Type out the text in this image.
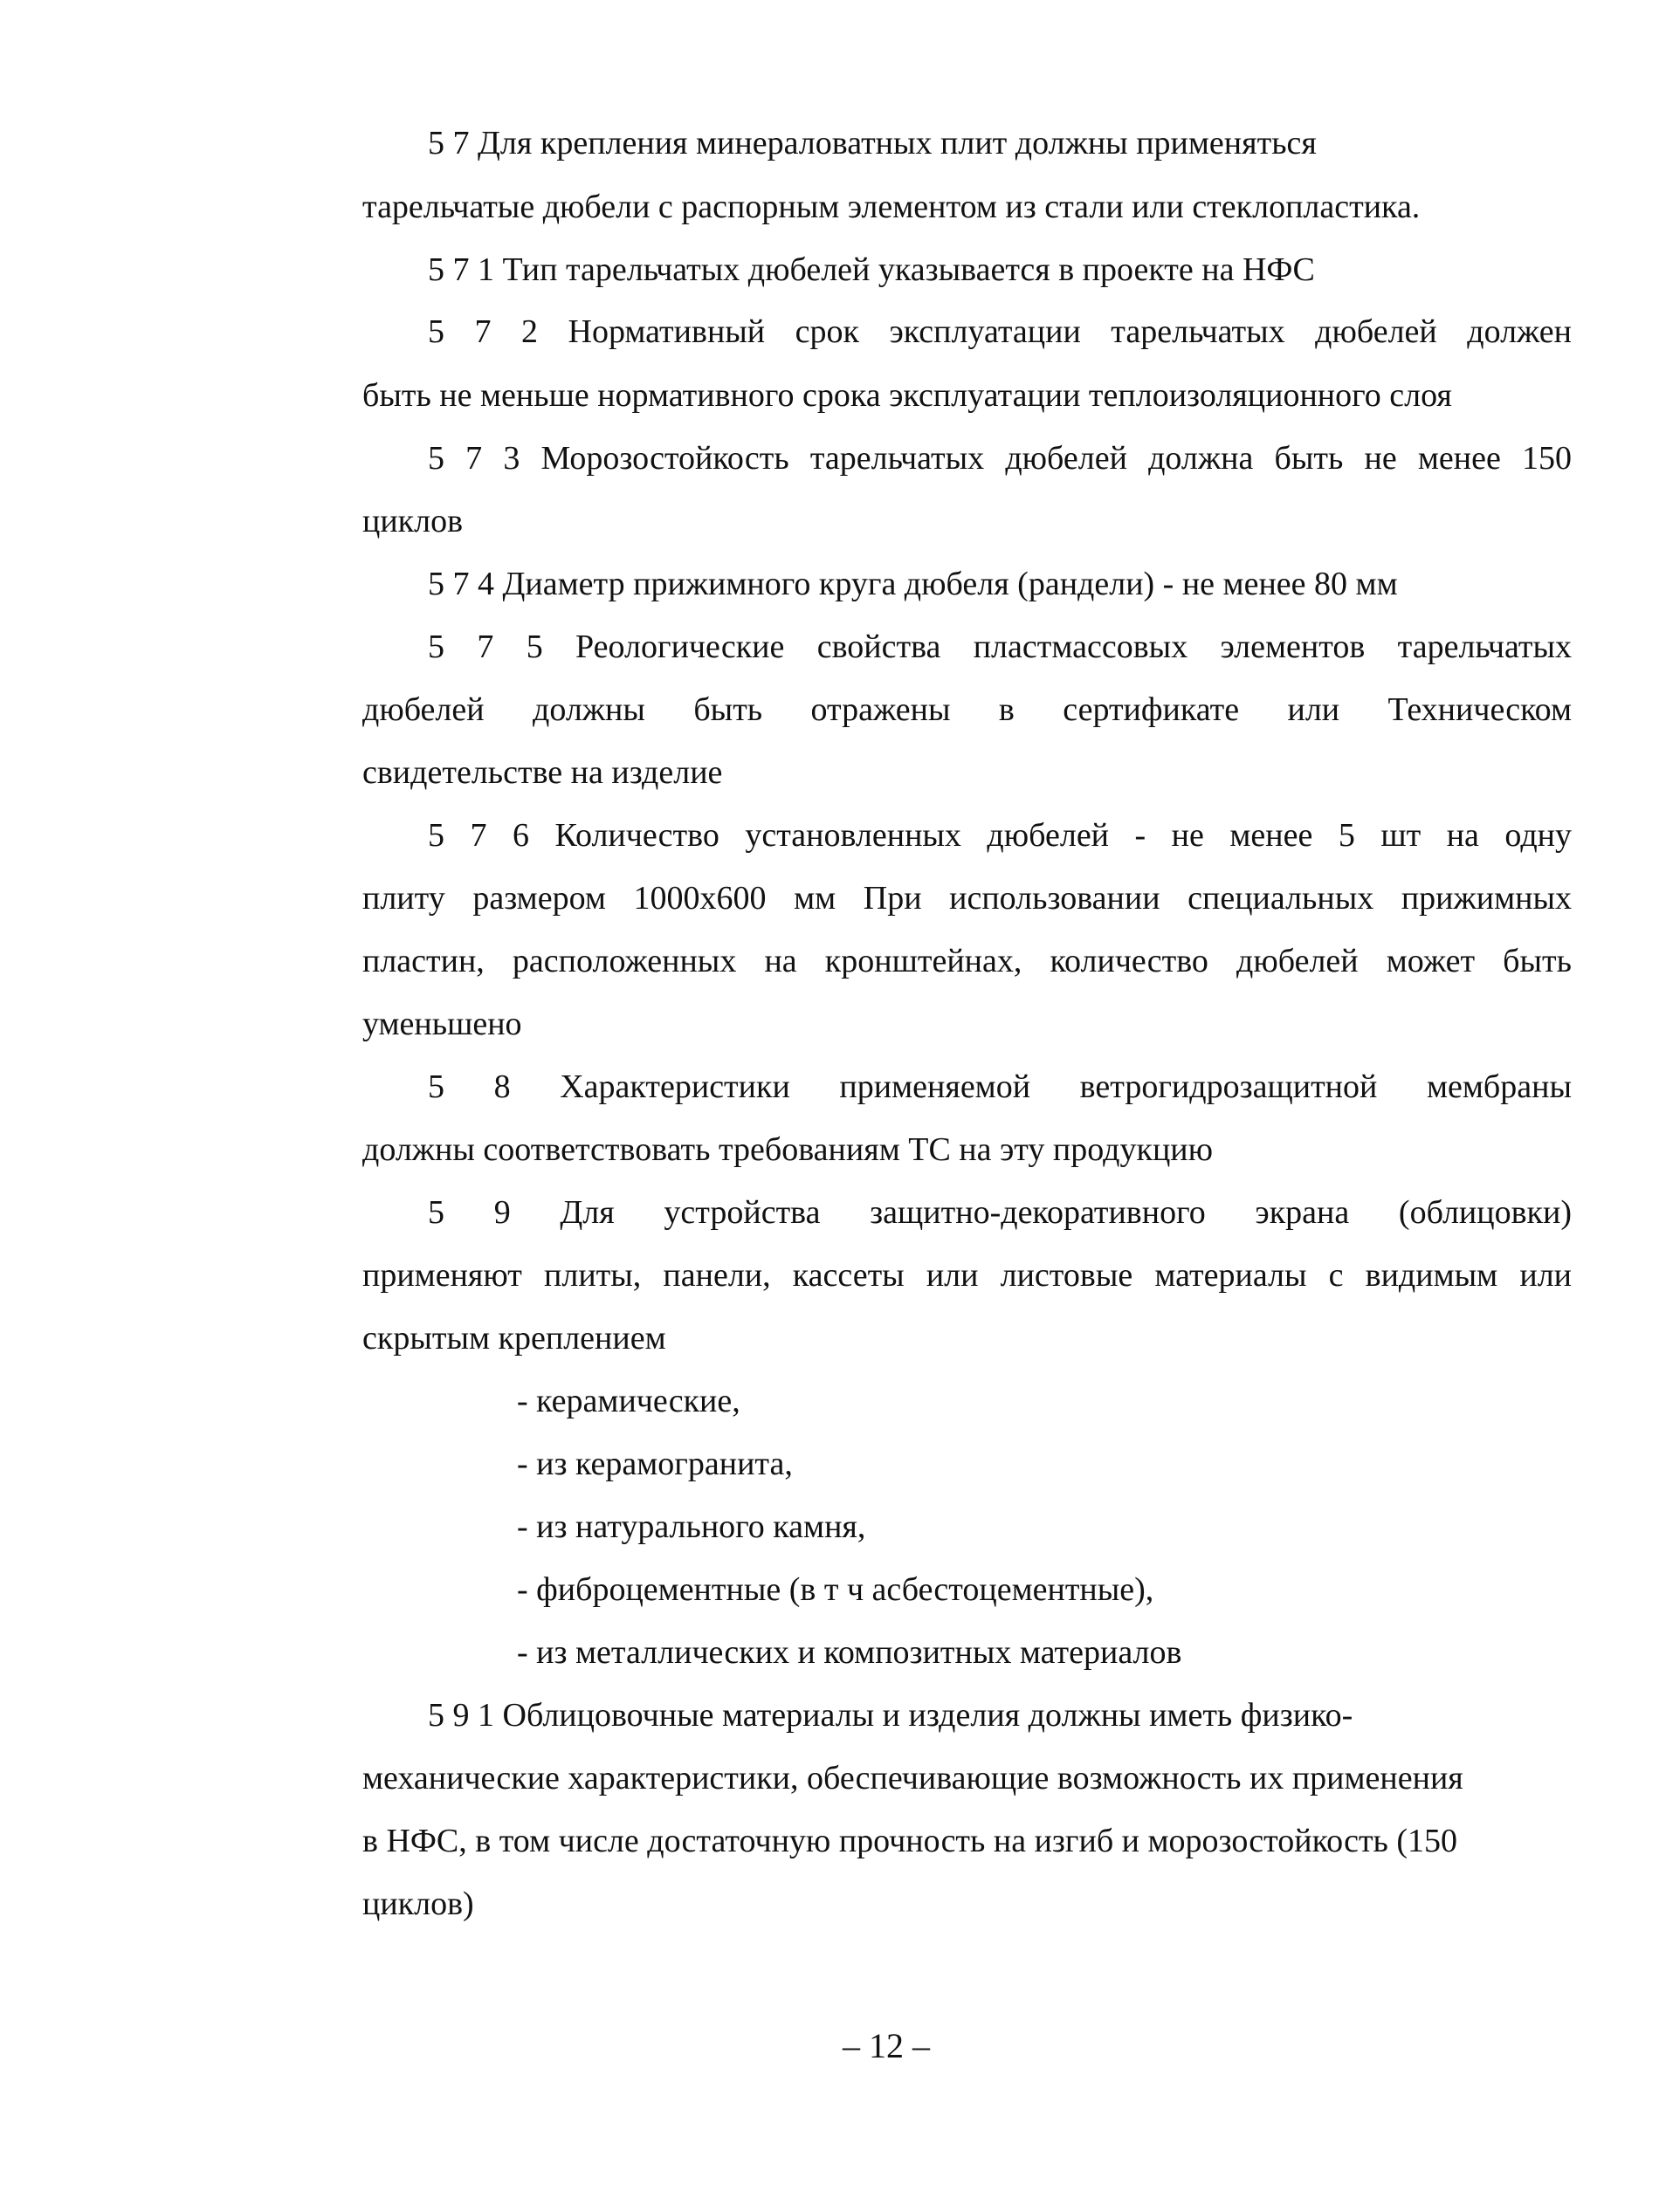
5 7 Для крепления минераловатных плит должны применяться
тарельчатые дюбели с распорным элементом из стали или стеклопластика.
5 7 1 Тип тарельчатых дюбелей указывается в проекте на НФС
5 7 2 Нормативный срок эксплуатации тарельчатых дюбелей должен
быть не меньше нормативного срока эксплуатации теплоизоляционного слоя
5 7 3 Морозостойкость тарельчатых дюбелей должна быть не менее 150
циклов
5 7 4 Диаметр прижимного круга дюбеля (рандели) - не менее 80 мм
5 7 5 Реологические свойства пластмассовых элементов тарельчатых
дюбелей должны быть отражены в сертификате или Техническом
свидетельстве на изделие
5 7 6 Количество установленных дюбелей - не менее 5 шт на одну
плиту размером 1000х600 мм При использовании специальных прижимных
пластин, расположенных на кронштейнах, количество дюбелей может быть
уменьшено
5 8 Характеристики применяемой ветрогидрозащитной мембраны
должны соответствовать требованиям ТС на эту продукцию
5 9 Для устройства защитно-декоративного экрана (облицовки)
применяют плиты, панели, кассеты или листовые материалы с видимым или
скрытым креплением
- керамические,
- из керамогранита,
- из натурального камня,
- фиброцементные (в т ч асбестоцементные),
- из металлических и композитных материалов
5 9 1 Облицовочные материалы и изделия должны иметь физико-
механические характеристики, обеспечивающие возможность их применения
в НФС, в том числе достаточную прочность на изгиб и морозостойкость (150
циклов)
– 12 –
